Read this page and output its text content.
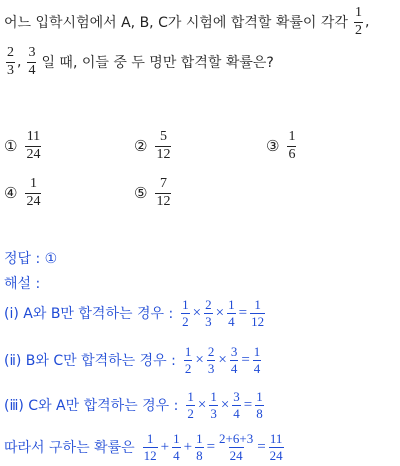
어느 입학시험에서 A, B, C가 시험에 합격할 확률이 각각 $\frac{1}{2}$ ,
$\frac{2}{3}$ , $\frac{3}{4}$ 일 때, 이들 중 두 명만 합격할 확률은?
① $\frac{11}{24}$	② $\frac{5}{12}$	③ $\frac{1}{6}$
④ $\frac{1}{24}$	⑤ $\frac{7}{12}$
정답 : ①
해설 :
(ⅰ) A와 B만 합격하는 경우 : $\frac{1}{2} \times \frac{2}{3} \times \frac{1}{4} = \frac{1}{12}$
(ⅱ) B와 C만 합격하는 경우 : $\frac{1}{2} \times \frac{2}{3} \times \frac{3}{4} = \frac{1}{4}$
(ⅲ) C와 A만 합격하는 경우 : $\frac{1}{2} \times \frac{1}{3} \times \frac{3}{4} = \frac{1}{8}$
따라서 구하는 확률은 $\frac{1}{12} + \frac{1}{4} + \frac{1}{8} = \frac{2+6+3}{24} = \frac{11}{24}$
